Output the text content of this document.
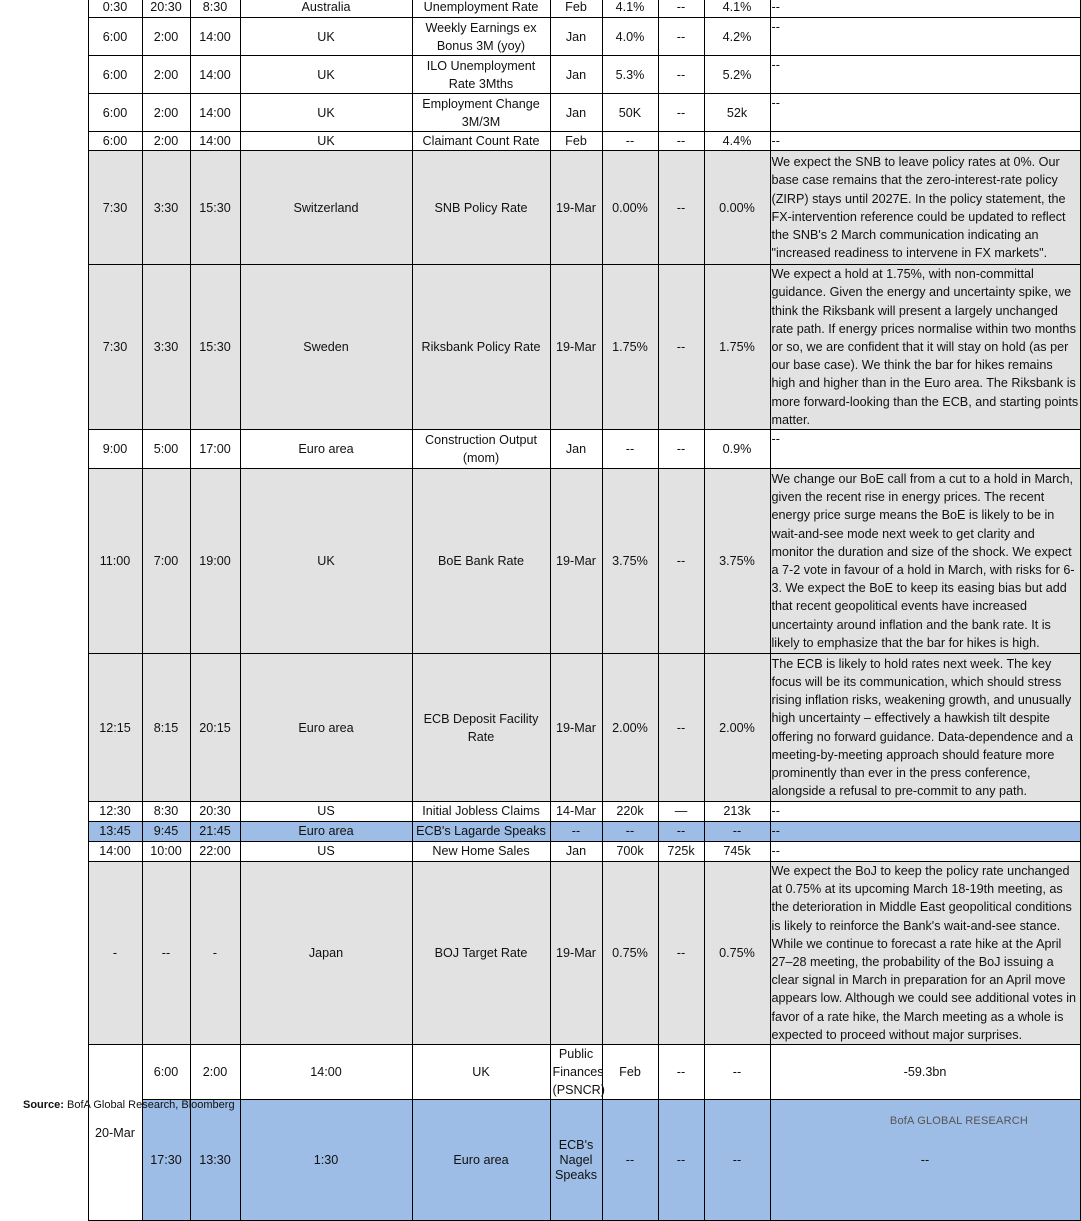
	0:30	20:30	8:30	Australia	Unemployment Rate	Feb	4.1%	--	4.1%	--	
	6:00	2:00	14:00	UK	Weekly Earnings ex Bonus 3M (yoy)	Jan	4.0%	--	4.2%	--	
	6:00	2:00	14:00	UK	ILO Unemployment Rate 3Mths	Jan	5.3%	--	5.2%	--	
	6:00	2:00	14:00	UK	Employment Change 3M/3M	Jan	50K	--	52k	--	
	6:00	2:00	14:00	UK	Claimant Count Rate	Feb	--	--	4.4%	--	
	7:30	3:30	15:30	Switzerland	SNB Policy Rate	19-Mar	0.00%	--	0.00%	We expect the SNB to leave policy rates at 0%. Our base case remains that the zero-interest-rate policy (ZIRP) stays until 2027E. In the policy statement, the FX-intervention reference could be updated to reflect the SNB's 2 March communication indicating an "increased readiness to intervene in FX markets".	
	7:30	3:30	15:30	Sweden	Riksbank Policy Rate	19-Mar	1.75%	--	1.75%	We expect a hold at 1.75%, with non-committal guidance. Given the energy and uncertainty spike, we think the Riksbank will present a largely unchanged rate path. If energy prices normalise within two months or so, we are confident that it will stay on hold (as per our base case). We think the bar for hikes remains high and higher than in the Euro area. The Riksbank is more forward-looking than the ECB, and starting points matter.	
	9:00	5:00	17:00	Euro area	Construction Output (mom)	Jan	--	--	0.9%	--	
	11:00	7:00	19:00	UK	BoE Bank Rate	19-Mar	3.75%	--	3.75%	We change our BoE call from a cut to a hold in March, given the recent rise in energy prices. The recent energy price surge means the BoE is likely to be in wait-and-see mode next week to get clarity and monitor the duration and size of the shock. We expect a 7-2 vote in favour of a hold in March, with risks for 6-3. We expect the BoE to keep its easing bias but add that recent geopolitical events have increased uncertainty around inflation and the bank rate. It is likely to emphasize that the bar for hikes is high.	
	12:15	8:15	20:15	Euro area	ECB Deposit Facility Rate	19-Mar	2.00%	--	2.00%	The ECB is likely to hold rates next week. The key focus will be its communication, which should stress rising inflation risks, weakening growth, and unusually high uncertainty – effectively a hawkish tilt despite offering no forward guidance. Data-dependence and a meeting-by-meeting approach should feature more prominently than ever in the press conference, alongside a refusal to pre-commit to any path.	
	12:30	8:30	20:30	US	Initial Jobless Claims	14-Mar	220k	—	213k	--	
	13:45	9:45	21:45	Euro area	ECB's Lagarde Speaks	--	--	--	--	--	
	14:00	10:00	22:00	US	New Home Sales	Jan	700k	725k	745k	--	
	-	--	-	Japan	BOJ Target Rate	19-Mar	0.75%	--	0.75%	We expect the BoJ to keep the policy rate unchanged at 0.75% at its upcoming March 18-19th meeting, as the deterioration in Middle East geopolitical conditions is likely to reinforce the Bank's wait-and-see stance. While we continue to forecast a rate hike at the April 27–28 meeting, the probability of the BoJ issuing a clear signal in March in preparation for an April move appears low. Although we could see additional votes in favor of a rate hike, the March meeting as a whole is expected to proceed without major surprises.	
	20-Mar	6:00	2:00	14:00	UK	Public Finances (PSNCR)	Feb	--	--	-59.3bn	
		17:30	13:30	1:30	Euro area	ECB's Nagel Speaks	--	--	--	--	
Source: BofA Global Research, Bloomberg
BofA GLOBAL RESEARCH
